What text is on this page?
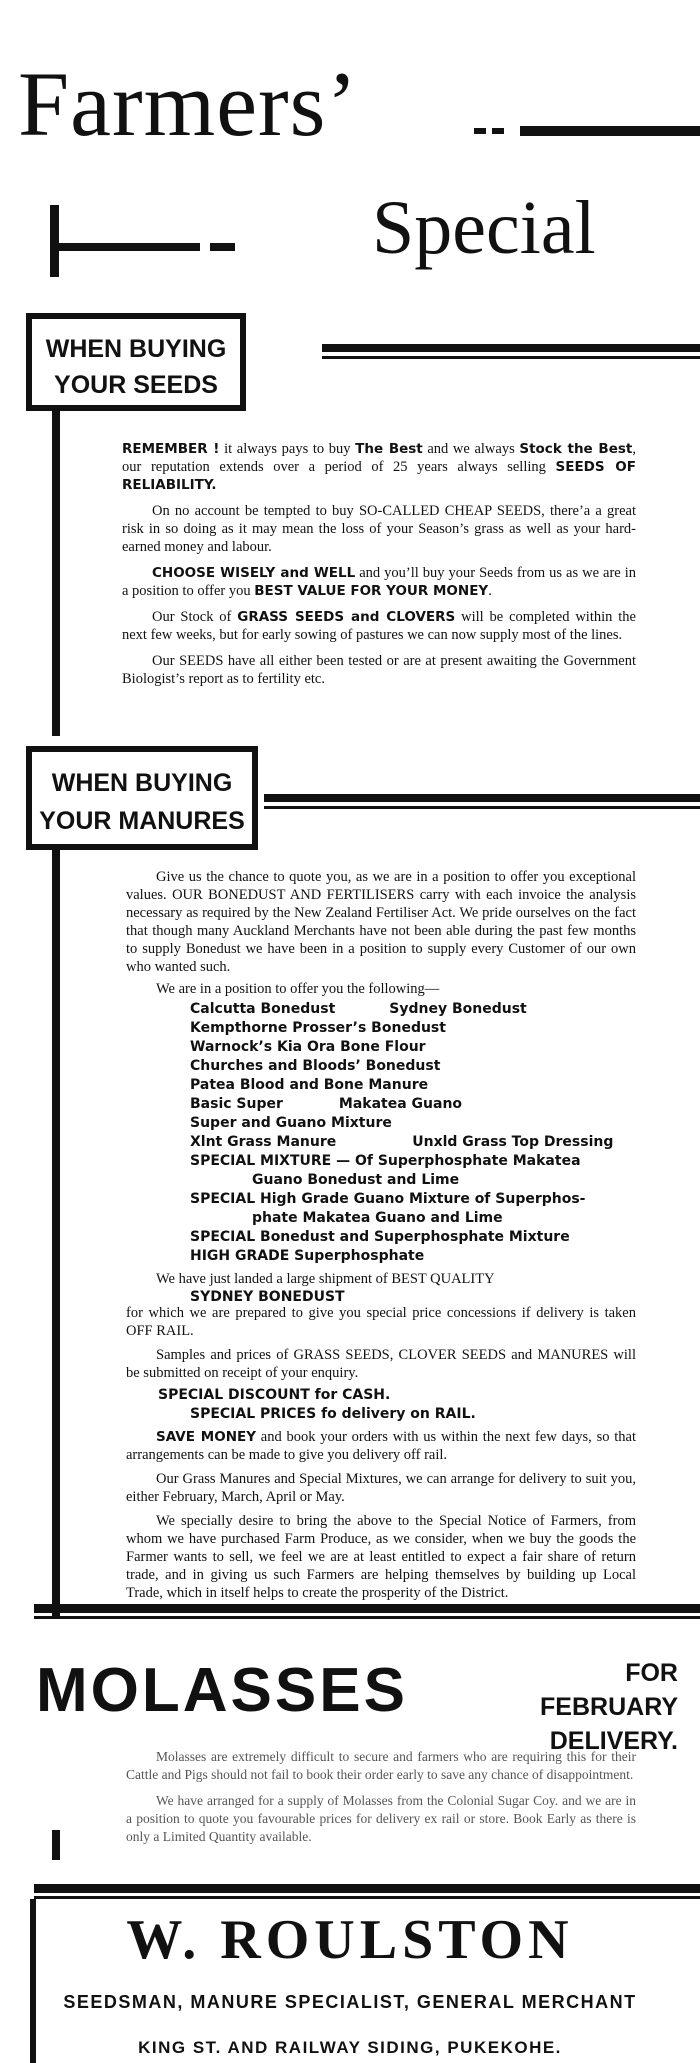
Farmers’
Special
WHEN BUYING
YOUR SEEDS

REMEMBER ! it always pays to buy The Best and we always Stock the Best, our reputation extends over a period of 25 years always selling SEEDS OF RELIABILITY.

On no account be tempted to buy SO-CALLED CHEAP SEEDS, there’a a great risk in so doing as it may mean the loss of your Season’s grass as well as your hard-earned money and labour.

CHOOSE WISELY and WELL and you’ll buy your Seeds from us as we are in a position to offer you BEST VALUE FOR YOUR MONEY.

Our Stock of GRASS SEEDS and CLOVERS will be completed within the next few weeks, but for early sowing of pastures we can now supply most of the lines.

Our SEEDS have all either been tested or are at present awaiting the Government Biologist’s report as to fertility etc.

WHEN BUYING
YOUR MANURES

Give us the chance to quote you, as we are in a position to offer you exceptional values. OUR BONEDUST AND FERTILISERS carry with each invoice the analysis necessary as required by the New Zealand Fertiliser Act. We pride ourselves on the fact that though many Auckland Merchants have not been able during the past few months to supply Bonedust we have been in a position to supply every Customer of our own who wanted such.

We are in a position to offer you the following—

Calcutta Bonedust	Sydney Bonedust
Kempthorne Prosser’s Bonedust
Warnock’s Kia Ora Bone Flour
Churches and Bloods’ Bonedust
Patea Blood and Bone Manure
Basic Super	Makatea Guano
Super and Guano Mixture
Xlnt Grass Manure	Unxld Grass Top Dressing
SPECIAL MIXTURE — Of Superphosphate Makatea
Guano Bonedust and Lime
SPECIAL High Grade Guano Mixture of Superphos-
phate Makatea Guano and Lime
SPECIAL Bonedust and Superphosphate Mixture
HIGH GRADE Superphosphate

We have just landed a large shipment of BEST QUALITY

SYDNEY BONEDUST

for which we are prepared to give you special price concessions if delivery is taken OFF RAIL.

Samples and prices of GRASS SEEDS, CLOVER SEEDS and MANURES will be submitted on receipt of your enquiry.

SPECIAL DISCOUNT for CASH.
SPECIAL PRICES fo delivery on RAIL.

SAVE MONEY and book your orders with us within the next few days, so that arrangements can be made to give you delivery off rail.

Our Grass Manures and Special Mixtures, we can arrange for delivery to suit you, either February, March, April or May.

We specially desire to bring the above to the Special Notice of Farmers, from whom we have purchased Farm Produce, as we consider, when we buy the goods the Farmer wants to sell, we feel we are at least entitled to expect a fair share of return trade, and in giving us such Farmers are helping themselves by building up Local Trade, which in itself helps to create the prosperity of the District.

MOLASSES	FOR FEBRUARY
DELIVERY.

Molasses are extremely difficult to secure and farmers who are requiring this for their Cattle and Pigs should not fail to book their order early to save any chance of disappointment.

We have arranged for a supply of Molasses from the Colonial Sugar Coy. and we are in a position to quote you favourable prices for delivery ex rail or store. Book Early as there is only a Limited Quantity available.

W. ROULSTON
SEEDSMAN, MANURE SPECIALIST, GENERAL MERCHANT
KING ST. AND RAILWAY SIDING, PUKEKOHE.
